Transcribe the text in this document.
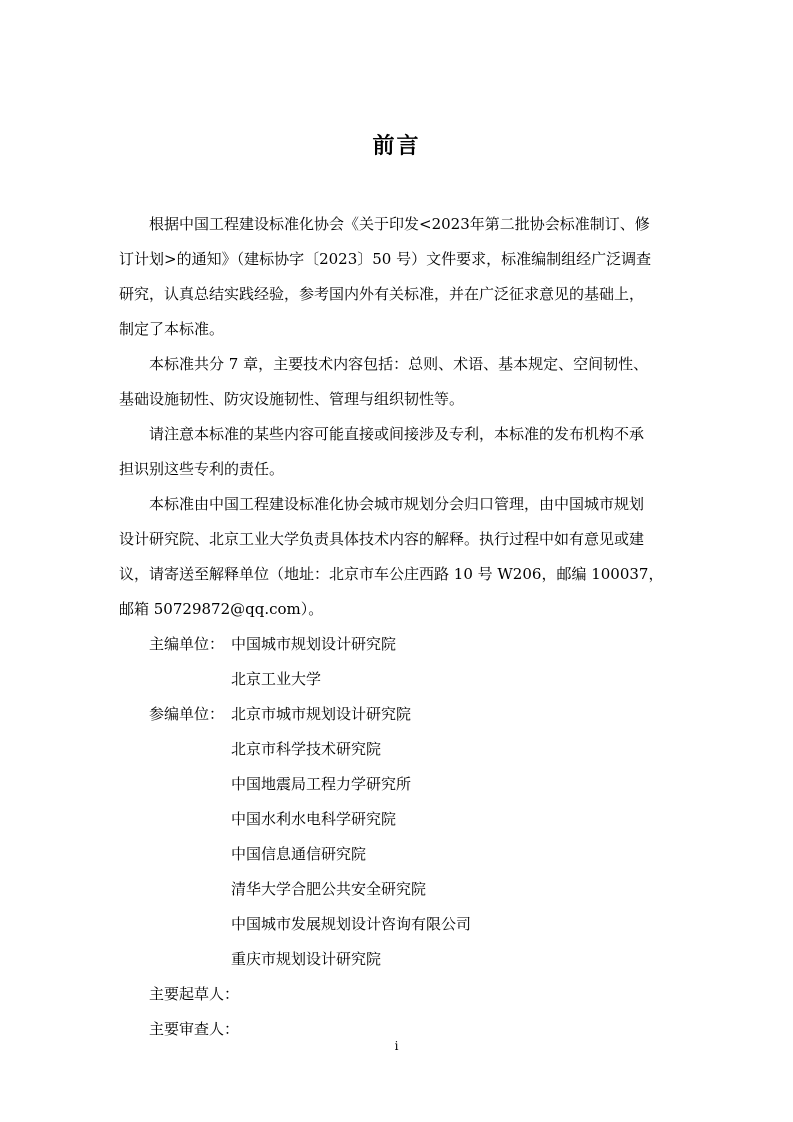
前言

根据中国工程建设标准化协会《关于印发<2023年第二批协会标准制订、修
订计划>的通知》（建标协字〔2023〕50 号）文件要求，标准编制组经广泛调查
研究，认真总结实践经验，参考国内外有关标准，并在广泛征求意见的基础上，
制定了本标准。

本标准共分 7 章，主要技术内容包括：总则、术语、基本规定、空间韧性、
基础设施韧性、防灾设施韧性、管理与组织韧性等。

请注意本标准的某些内容可能直接或间接涉及专利，本标准的发布机构不承
担识别这些专利的责任。

本标准由中国工程建设标准化协会城市规划分会归口管理，由中国城市规划
设计研究院、北京工业大学负责具体技术内容的解释。执行过程中如有意见或建
议，请寄送至解释单位（地址：北京市车公庄西路 10 号 W206，邮编 100037，
邮箱 50729872@qq.com）。

主编单位： 中国城市规划设计研究院
北京工业大学
参编单位： 北京市城市规划设计研究院
北京市科学技术研究院
中国地震局工程力学研究所
中国水利水电科学研究院
中国信息通信研究院
清华大学合肥公共安全研究院
中国城市发展规划设计咨询有限公司
重庆市规划设计研究院
主要起草人：
主要审查人：
i
